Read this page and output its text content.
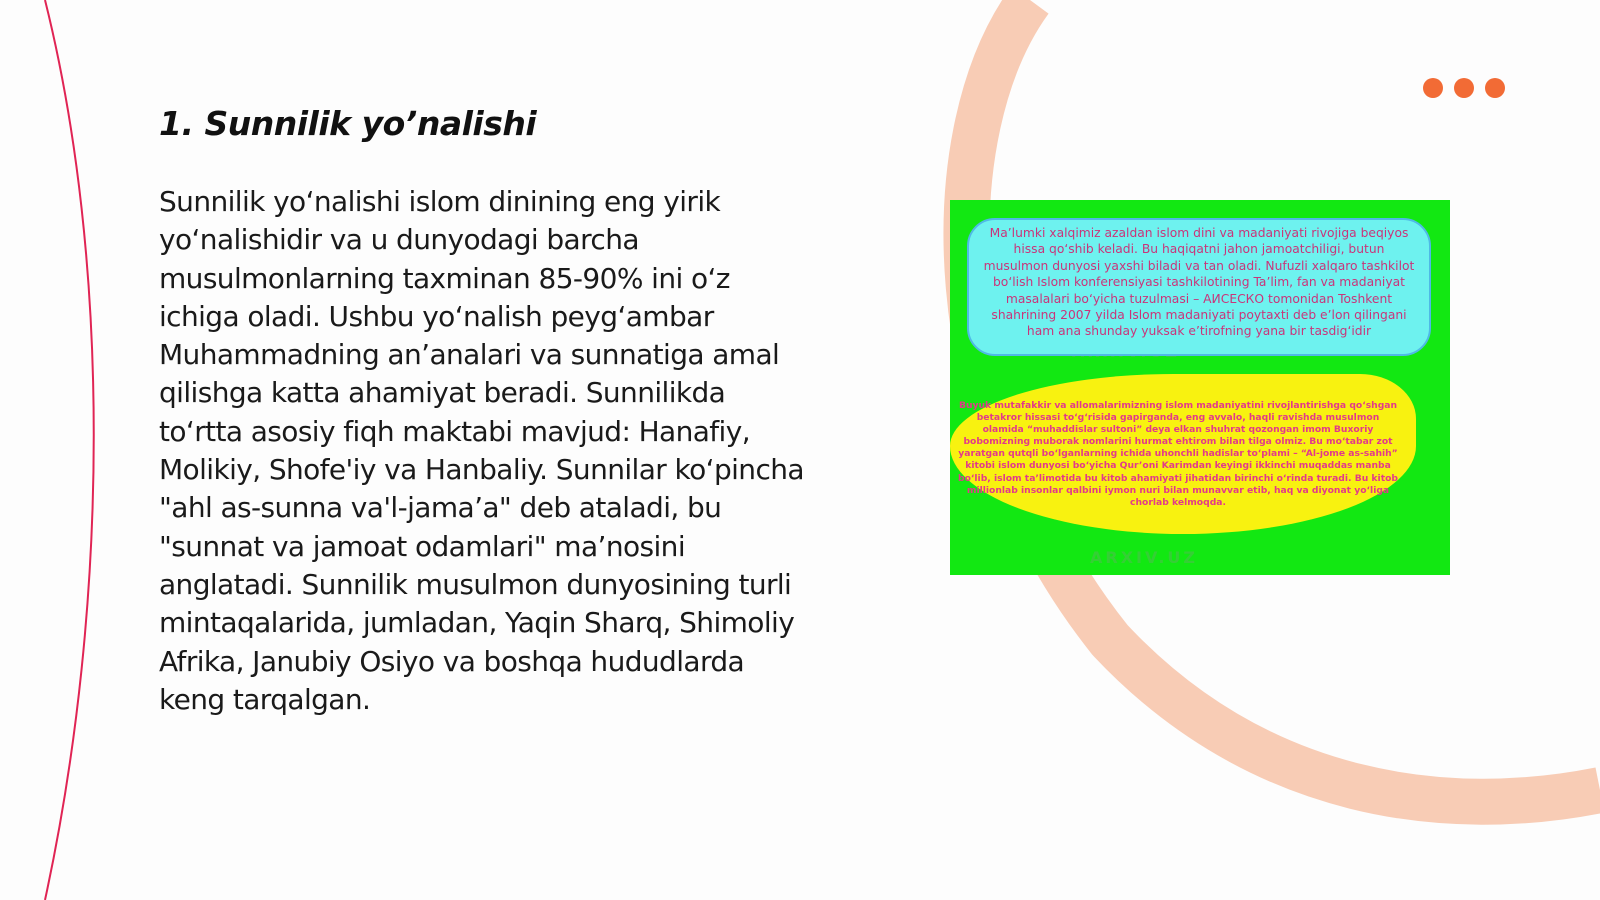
1. Sunnilik yo’nalishi

Sunnilik yo‘nalishi islom dinining eng yirik yo‘nalishidir va u dunyodagi barcha musulmonlarning taxminan 85-90% ini o‘z ichiga oladi. Ushbu yo‘nalish peyg‘ambar Muhammadning an’analari va sunnatiga amal qilishga katta ahamiyat beradi. Sunnilikda to‘rtta asosiy fiqh maktabi mavjud: Hanafiy, Molikiy, Shofe'iy va Hanbaliy. Sunnilar ko‘pincha "ahl as-sunna va'l-jama’a" deb ataladi, bu "sunnat va jamoat odamlari" ma’nosini anglatadi. Sunnilik musulmon dunyosining turli mintaqalarida, jumladan, Yaqin Sharq, Shimoliy Afrika, Janubiy Osiyo va boshqa hududlarda keng tarqalgan.

ARXIV.UZ
Ma’lumki xalqimiz azaldan islom dini va madaniyati rivojiga beqiyos hissa qo‘shib keladi. Bu haqiqatni jahon jamoatchiligi, butun musulmon dunyosi yaxshi biladi va tan oladi. Nufuzli xalqaro tashkilot bo‘lish Islom konferensiyasi tashkilotining Ta’lim, fan va madaniyat masalalari bo‘yicha tuzulmasi – АИСЕСКО tomonidan Toshkent shahrining 2007 yilda Islom madaniyati poytaxti deb e’lon qilingani ham ana shunday yuksak e’tirofning yana bir tasdig‘idir
Buyuk mutafakkir va allomalarimizning islom madaniyatini rivojlantirishga qo‘shgan betakror hissasi to‘g‘risida gapirganda, eng avvalo, haqli ravishda musulmon olamida “muhaddislar sultoni” deya elkan shuhrat qozongan imom Buxoriy bobomizning muborak nomlarini hurmat ehtirom bilan tilga olmiz. Bu mo‘tabar zot yaratgan qutqli bo‘lganlarning ichida uhonchli hadislar to‘plami – “Al-jome as-sahih” kitobi islom dunyosi bo‘yicha Qur’oni Karimdan keyingi ikkinchi muqaddas manba bo‘lib, islom ta’limotida bu kitob ahamiyati jihatidan birinchi o‘rinda turadi. Bu kitob millionlab insonlar qalbini iymon nuri bilan munavvar etib, haq va diyonat yo‘liga chorlab kelmoqda.
